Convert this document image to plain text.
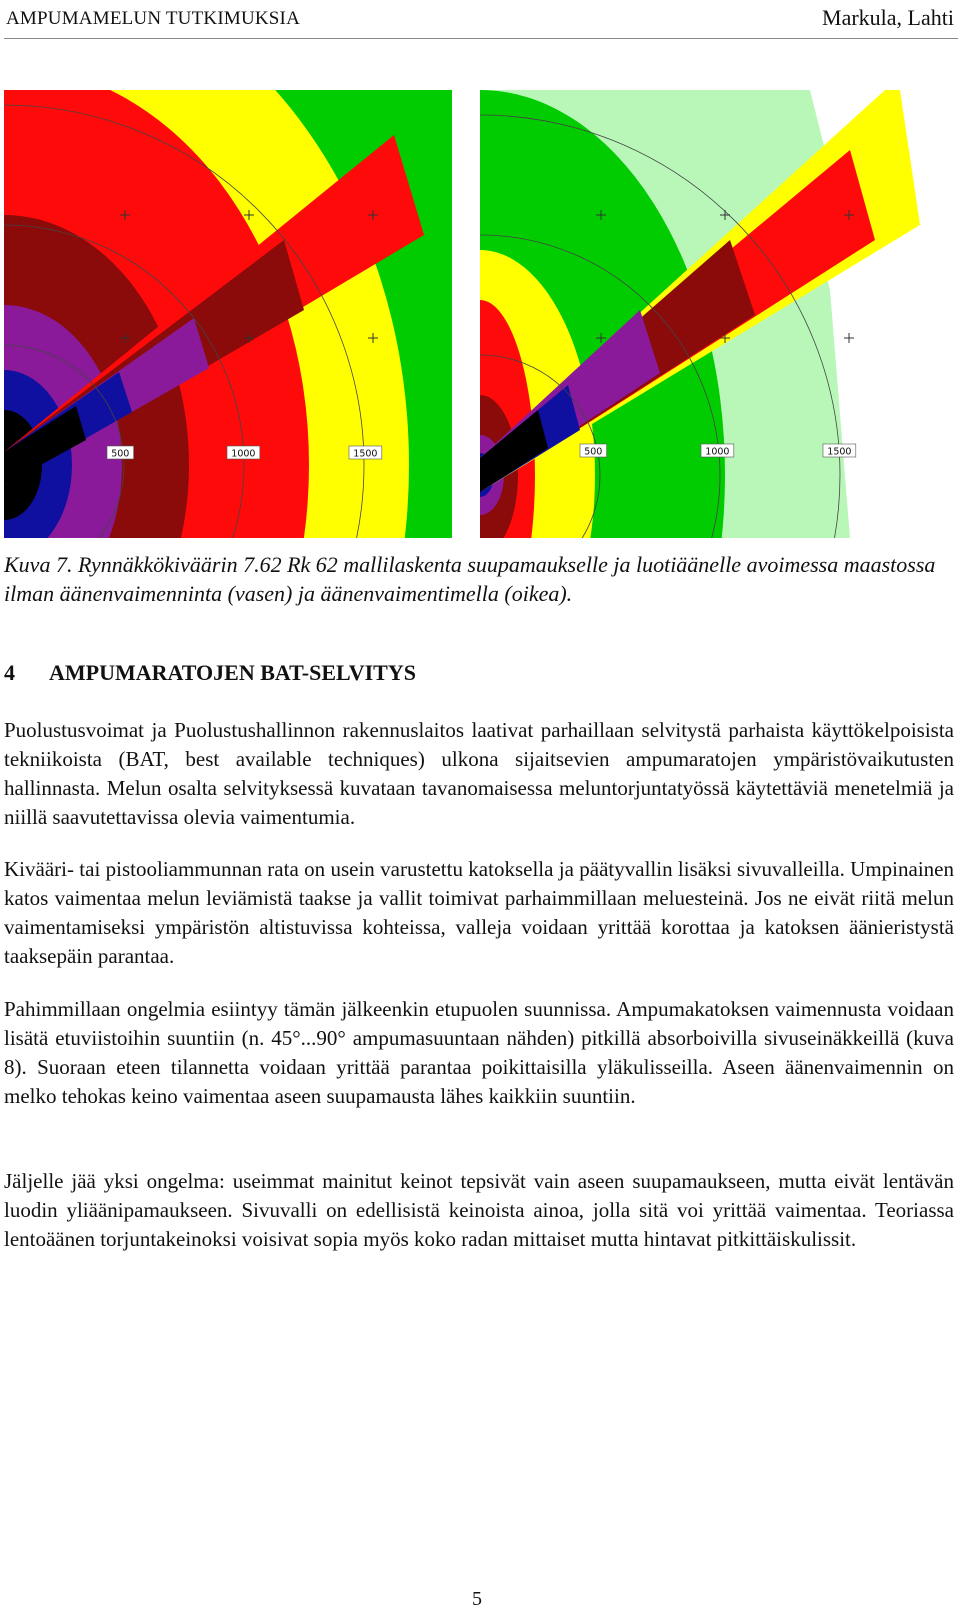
AMPUMAMELUN TUTKIMUKSIA	Markula, Lahti
500	1000	1500	500	1000	1500

Kuva 7. Rynnäkkökiväärin 7.62 Rk 62 mallilaskenta suupamaukselle ja luotiäänelle avoimessa maastossa ilman äänenvaimenninta (vasen) ja äänenvaimentimella (oikea).

4 AMPUMARATOJEN BAT-SELVITYS

Puolustusvoimat ja Puolustushallinnon rakennuslaitos laativat parhaillaan selvitystä parhaista käyttökelpoisista tekniikoista (BAT, best available techniques) ulkona sijaitsevien ampumaratojen ympäristövaikutusten hallinnasta. Melun osalta selvityksessä kuvataan tavanomaisessa meluntorjuntatyössä käytettäviä menetelmiä ja niillä saavutettavissa olevia vaimentumia.

Kivääri- tai pistooliammunnan rata on usein varustettu katoksella ja päätyvallin lisäksi sivuvalleilla. Umpinainen katos vaimentaa melun leviämistä taakse ja vallit toimivat parhaimmillaan meluesteinä. Jos ne eivät riitä melun vaimentamiseksi ympäristön altistuvissa kohteissa, valleja voidaan yrittää korottaa ja katoksen äänieristystä taaksepäin parantaa.

Pahimmillaan ongelmia esiintyy tämän jälkeenkin etupuolen suunnissa. Ampumakatoksen vaimennusta voidaan lisätä etuviistoihin suuntiin (n. 45°...90° ampumasuuntaan nähden) pitkillä absorboivilla sivuseinäkkeillä (kuva 8). Suoraan eteen tilannetta voidaan yrittää parantaa poikittaisilla yläkulisseilla. Aseen äänenvaimennin on melko tehokas keino vaimentaa aseen suupamausta lähes kaikkiin suuntiin.

Jäljelle jää yksi ongelma: useimmat mainitut keinot tepsivät vain aseen suupamaukseen, mutta eivät lentävän luodin yliäänipamaukseen. Sivuvalli on edellisistä keinoista ainoa, jolla sitä voi yrittää vaimentaa. Teoriassa lentoäänen torjuntakeinoksi voisivat sopia myös koko radan mittaiset mutta hintavat pitkittäiskulissit.

5
